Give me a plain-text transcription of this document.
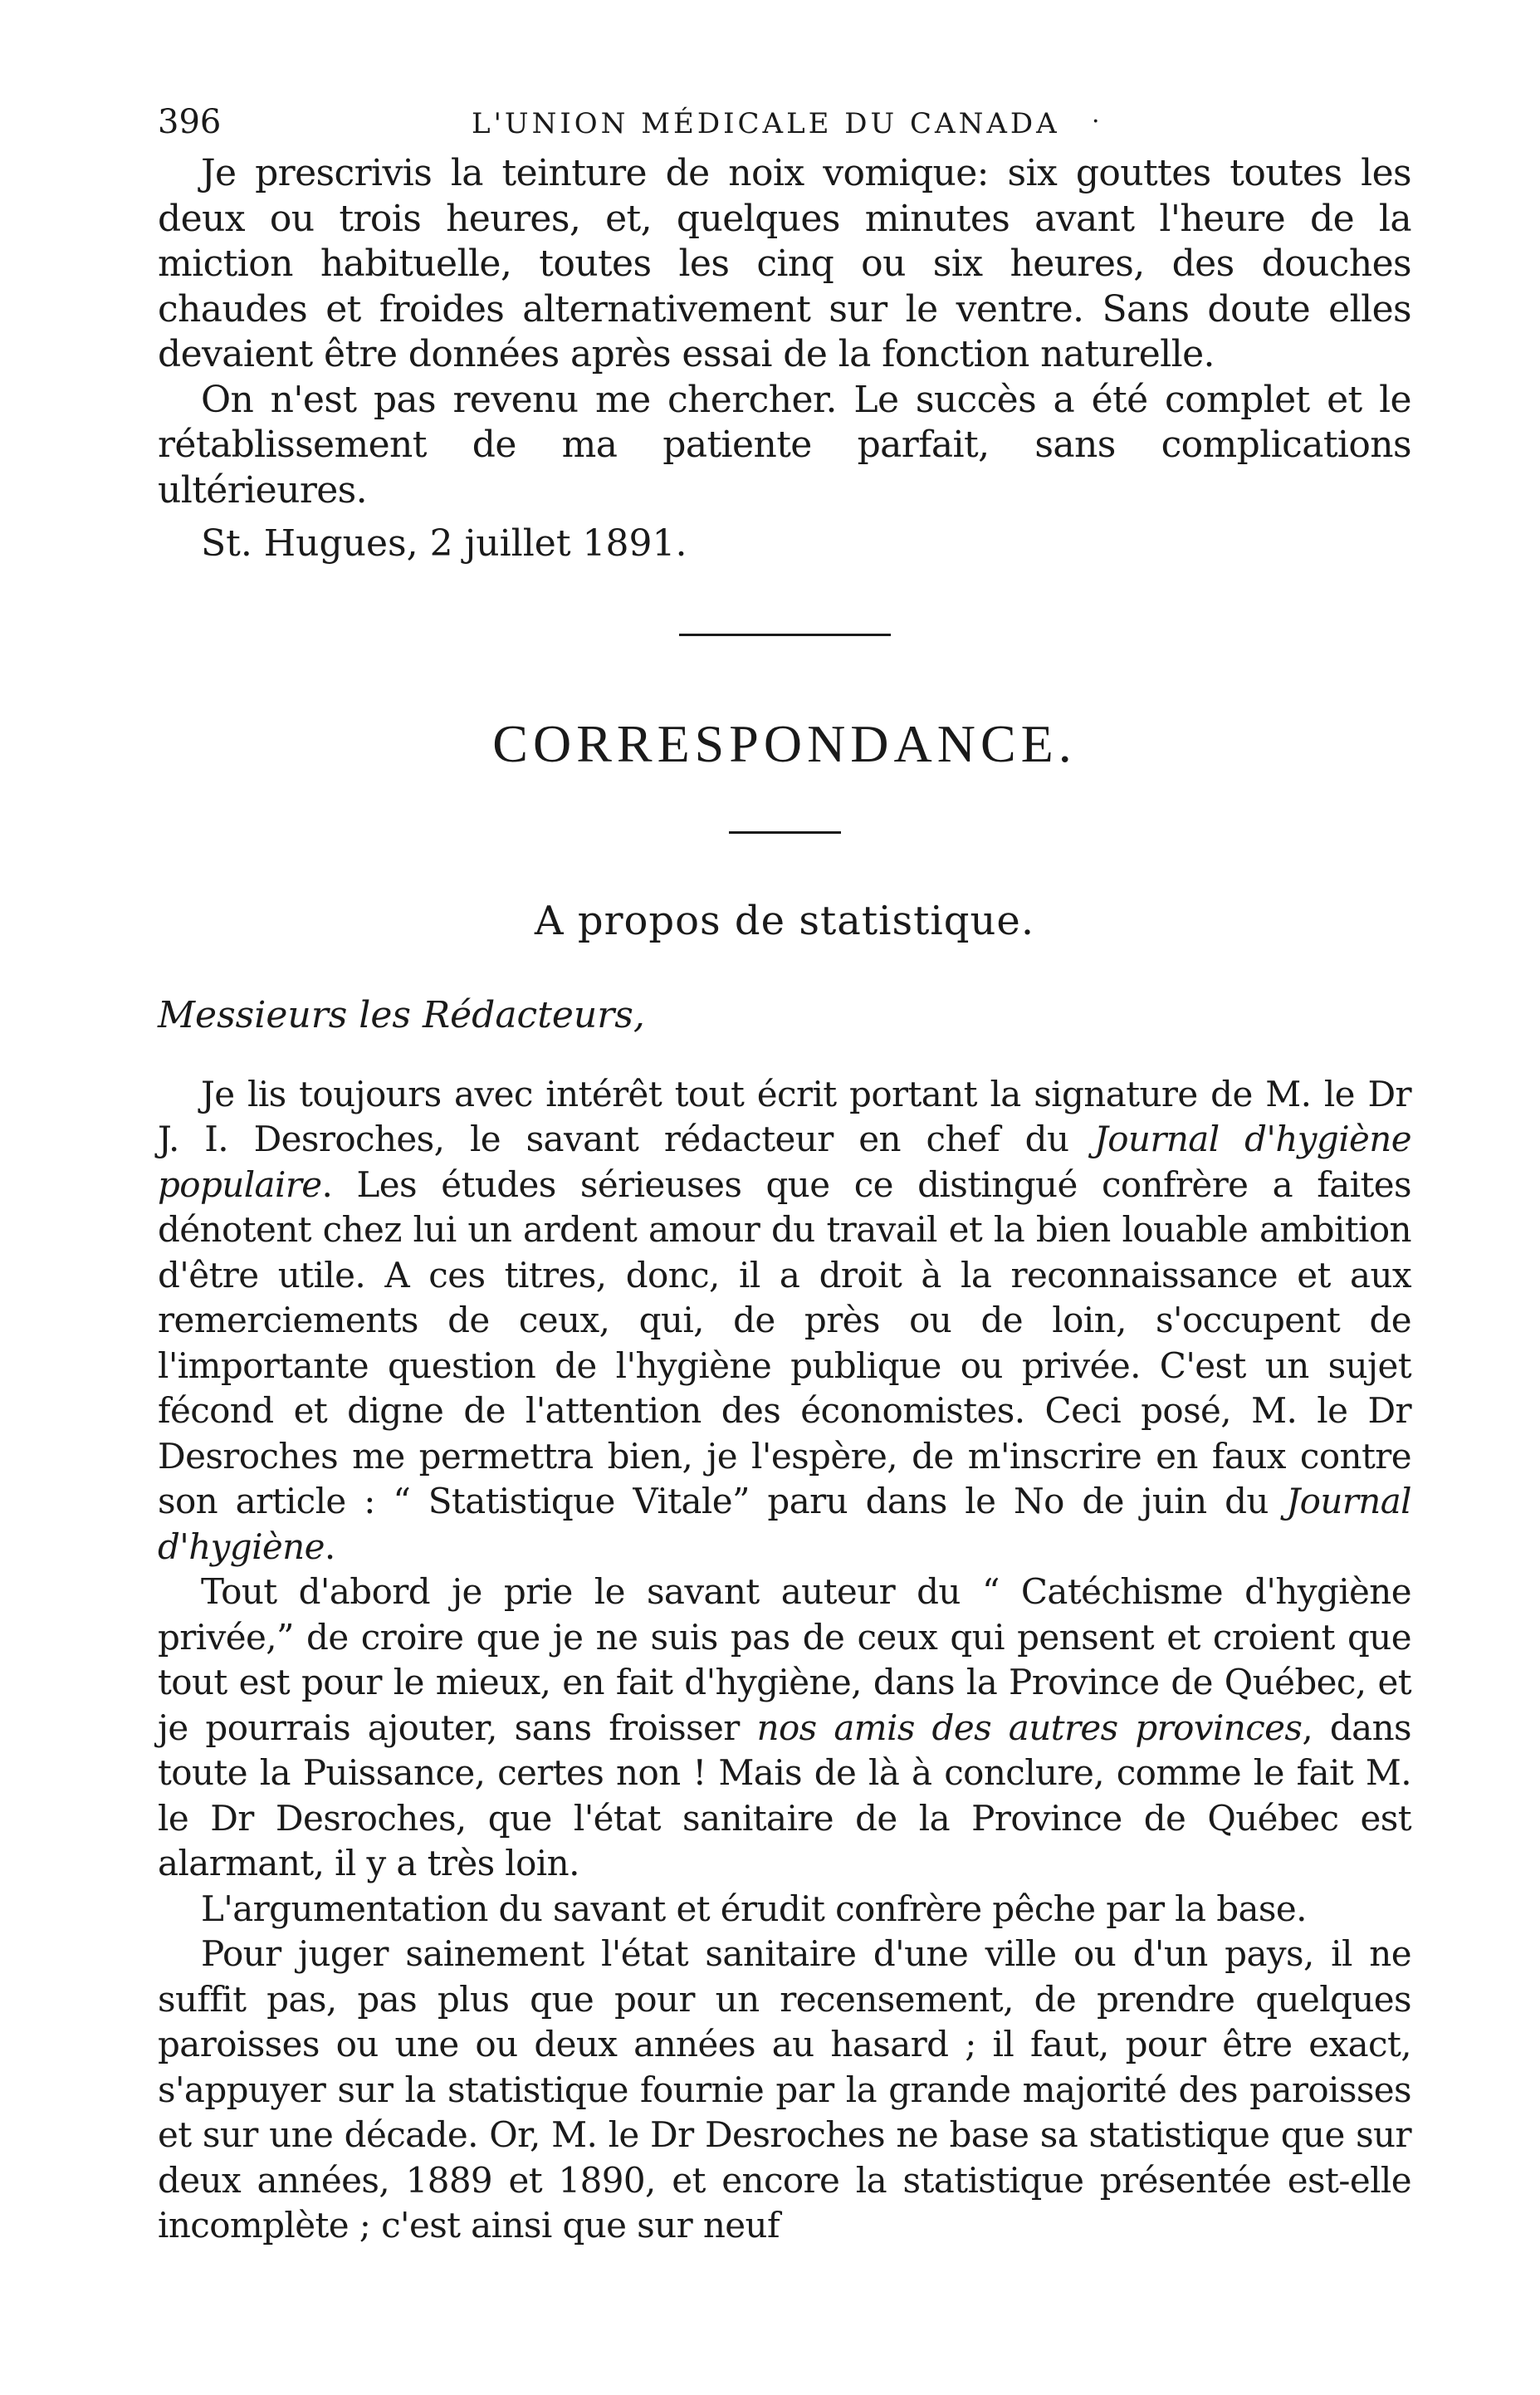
396	L'UNION MÉDICALE DU CANADA ·

Je prescrivis la teinture de noix vomique: six gouttes toutes les deux ou trois heures, et, quelques minutes avant l'heure de la miction habituelle, toutes les cinq ou six heures, des douches chaudes et froides alternativement sur le ventre. Sans doute elles devaient être données après essai de la fonction naturelle.

On n'est pas revenu me chercher. Le succès a été complet et le rétablissement de ma patiente parfait, sans complications ultérieures.

St. Hugues, 2 juillet 1891.

CORRESPONDANCE.
A propos de statistique.
Messieurs les Rédacteurs,

Je lis toujours avec intérêt tout écrit portant la signature de M. le Dr J. I. Desroches, le savant rédacteur en chef du Journal d'hygiène populaire. Les études sérieuses que ce distingué confrère a faites dénotent chez lui un ardent amour du travail et la bien louable ambition d'être utile. A ces titres, donc, il a droit à la reconnaissance et aux remerciements de ceux, qui, de près ou de loin, s'occupent de l'importante question de l'hygiène publique ou privée. C'est un sujet fécond et digne de l'attention des économistes. Ceci posé, M. le Dr Desroches me permettra bien, je l'espère, de m'inscrire en faux contre son article : “ Statistique Vitale” paru dans le No de juin du Journal d'hygiène.

Tout d'abord je prie le savant auteur du “ Catéchisme d'hygiène privée,” de croire que je ne suis pas de ceux qui pensent et croient que tout est pour le mieux, en fait d'hygiène, dans la Province de Québec, et je pourrais ajouter, sans froisser nos amis des autres provinces, dans toute la Puissance, certes non ! Mais de là à conclure, comme le fait M. le Dr Desroches, que l'état sanitaire de la Province de Québec est alarmant, il y a très loin.

L'argumentation du savant et érudit confrère pêche par la base.

Pour juger sainement l'état sanitaire d'une ville ou d'un pays, il ne suffit pas, pas plus que pour un recensement, de prendre quelques paroisses ou une ou deux années au hasard ; il faut, pour être exact, s'appuyer sur la statistique fournie par la grande majorité des paroisses et sur une décade. Or, M. le Dr Desroches ne base sa statistique que sur deux années, 1889 et 1890, et encore la statistique présentée est-elle incomplète ; c'est ainsi que sur neuf
